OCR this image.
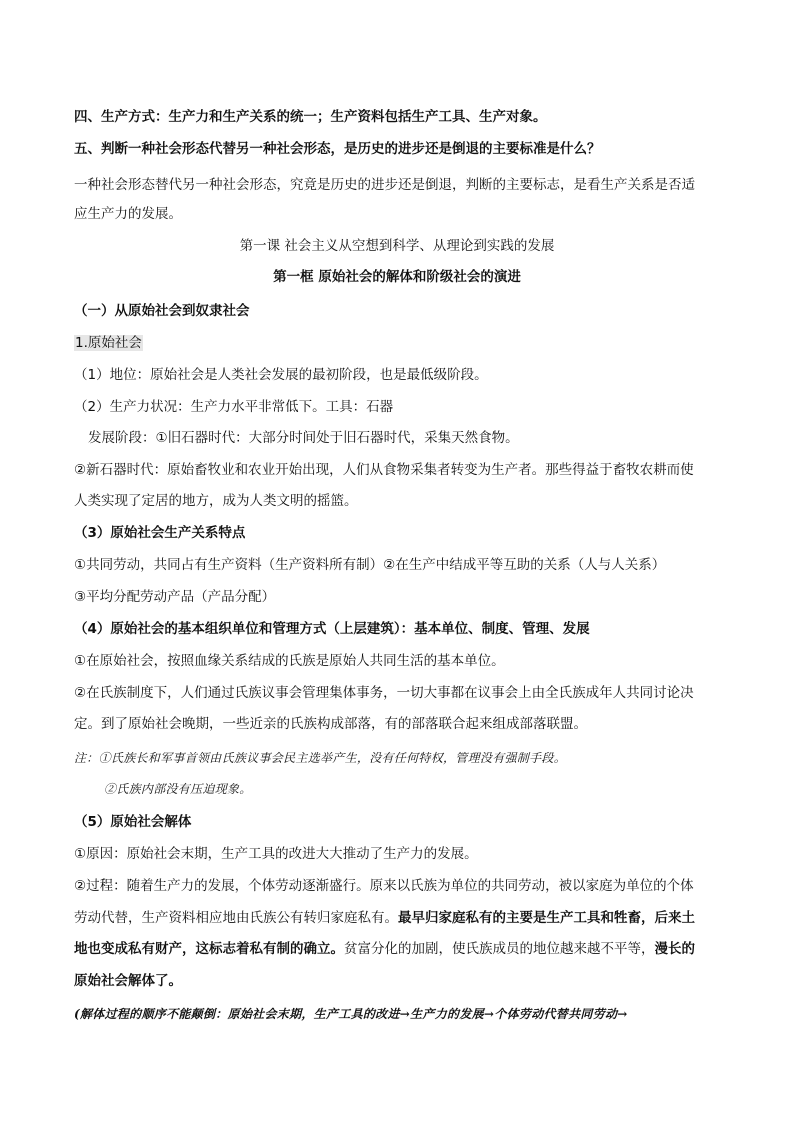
四、生产方式：生产力和生产关系的统一；生产资料包括生产工具、生产对象。
五、判断一种社会形态代替另一种社会形态，是历史的进步还是倒退的主要标准是什么？
一种社会形态替代另一种社会形态，究竟是历史的进步还是倒退，判断的主要标志，是看生产关系是否适
应生产力的发展。
第一课 社会主义从空想到科学、从理论到实践的发展
第一框 原始社会的解体和阶级社会的演进
（一）从原始社会到奴隶社会
1.原始社会
（1）地位：原始社会是人类社会发展的最初阶段，也是最低级阶段。
（2）生产力状况：生产力水平非常低下。工具：石器
发展阶段：①旧石器时代：大部分时间处于旧石器时代，采集天然食物。
②新石器时代：原始畜牧业和农业开始出现，人们从食物采集者转变为生产者。那些得益于畜牧农耕而使
人类实现了定居的地方，成为人类文明的摇篮。
（3）原始社会生产关系特点
①共同劳动，共同占有生产资料（生产资料所有制）②在生产中结成平等互助的关系（人与人关系）
③平均分配劳动产品（产品分配）
（4）原始社会的基本组织单位和管理方式（上层建筑）：基本单位、制度、管理、发展
①在原始社会，按照血缘关系结成的氏族是原始人共同生活的基本单位。
②在氏族制度下，人们通过氏族议事会管理集体事务，一切大事都在议事会上由全氏族成年人共同讨论决
定。到了原始社会晚期，一些近亲的氏族构成部落，有的部落联合起来组成部落联盟。
注：①氏族长和军事首领由氏族议事会民主选举产生，没有任何特权，管理没有强制手段。
②氏族内部没有压迫现象。
（5）原始社会解体
①原因：原始社会末期，生产工具的改进大大推动了生产力的发展。
②过程：随着生产力的发展，个体劳动逐渐盛行。原来以氏族为单位的共同劳动，被以家庭为单位的个体
劳动代替，生产资料相应地由氏族公有转归家庭私有。最早归家庭私有的主要是生产工具和牲畜，后来土
地也变成私有财产，这标志着私有制的确立。贫富分化的加剧，使氏族成员的地位越来越不平等，漫长的
原始社会解体了。
(解体过程的顺序不能颠倒：原始社会末期，生产工具的改进→生产力的发展→个体劳动代替共同劳动→
